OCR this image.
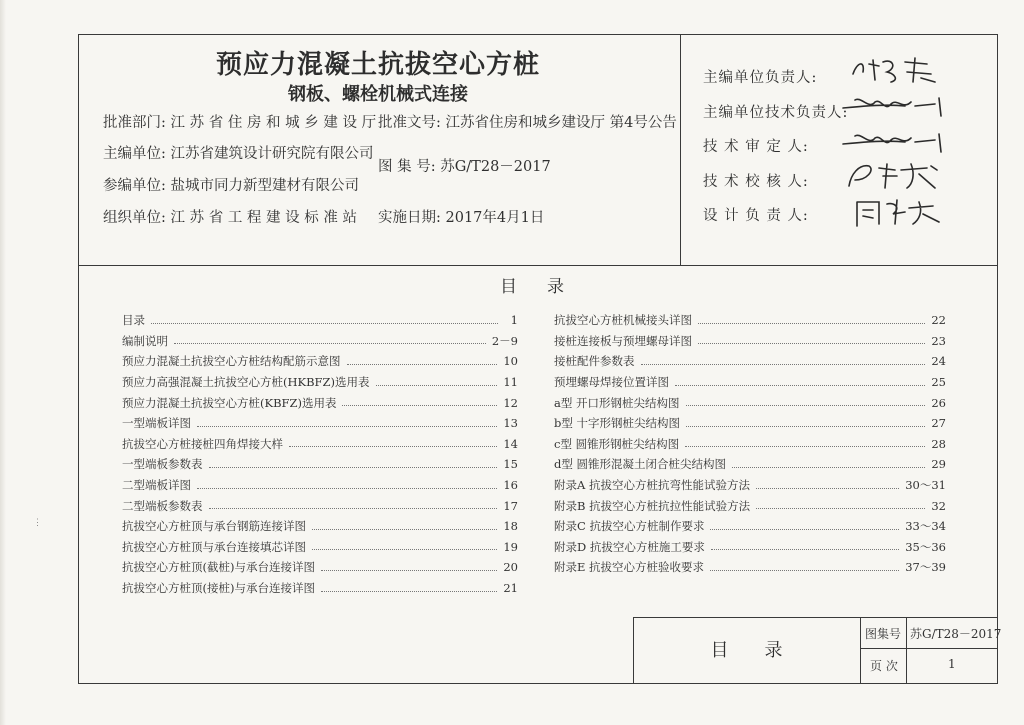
⋮
预应力混凝土抗拔空心方桩
钢板、螺栓机械式连接
批准部门: 江 苏 省 住 房 和 城 乡 建 设 厅 批准文号: 江苏省住房和城乡建设厅 第4号公告
主编单位: 江苏省建筑设计研究院有限公司
图 集 号: 苏G/T28－2017
参编单位: 盐城市同力新型建材有限公司
组织单位: 江 苏 省 工 程 建 设 标 准 站 实施日期: 2017年4月1日
主编单位负责人:
主编单位技术负责人:
技 术 审 定 人:
技 术 校 核 人:
设 计 负 责 人:
目录
目录	1
编制说明	2－9
预应力混凝土抗拔空心方桩结构配筋示意图	10
预应力高强混凝土抗拔空心方桩(HKBFZ)选用表	11
预应力混凝土抗拔空心方桩(KBFZ)选用表	12
一型端板详图	13
抗拔空心方桩接桩四角焊接大样	14
一型端板参数表	15
二型端板详图	16
二型端板参数表	17
抗拔空心方桩顶与承台钢筋连接详图	18
抗拔空心方桩顶与承台连接填芯详图	19
抗拔空心方桩顶(截桩)与承台连接详图	20
抗拔空心方桩顶(接桩)与承台连接详图	21
抗拔空心方桩机械接头详图	22
接桩连接板与预埋螺母详图	23
接桩配件参数表	24
预埋螺母焊接位置详图	25
a型 开口形钢桩尖结构图	26
b型 十字形钢桩尖结构图	27
c型 圆锥形钢桩尖结构图	28
d型 圆锥形混凝土闭合桩尖结构图	29
附录A 抗拔空心方桩抗弯性能试验方法	30～31
附录B 抗拔空心方桩抗拉性能试验方法	32
附录C 抗拔空心方桩制作要求	33～34
附录D 抗拔空心方桩施工要求	35～36
附录E 抗拔空心方桩验收要求	37～39
目录
图集号 苏G/T28－2017
页 次	1
